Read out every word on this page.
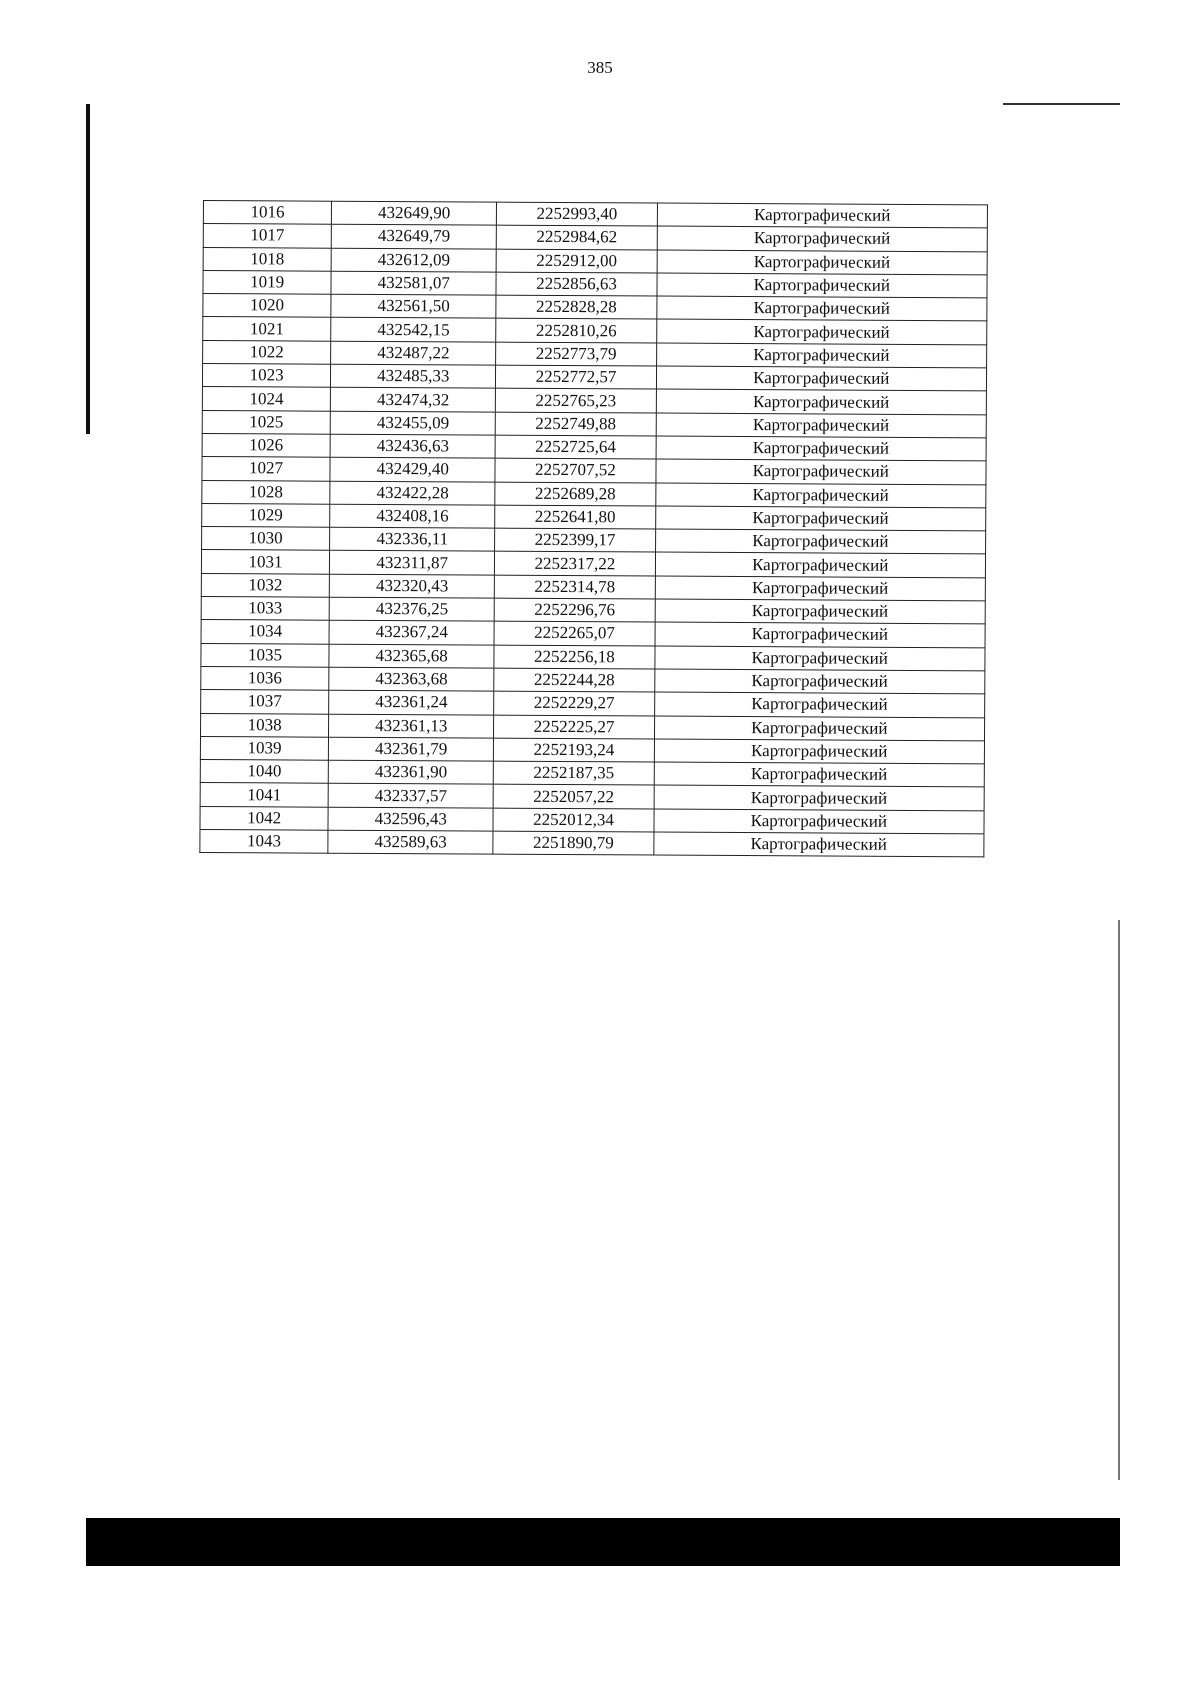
385
1016	432649,90	2252993,40	Картографический
1017	432649,79	2252984,62	Картографический
1018	432612,09	2252912,00	Картографический
1019	432581,07	2252856,63	Картографический
1020	432561,50	2252828,28	Картографический
1021	432542,15	2252810,26	Картографический
1022	432487,22	2252773,79	Картографический
1023	432485,33	2252772,57	Картографический
1024	432474,32	2252765,23	Картографический
1025	432455,09	2252749,88	Картографический
1026	432436,63	2252725,64	Картографический
1027	432429,40	2252707,52	Картографический
1028	432422,28	2252689,28	Картографический
1029	432408,16	2252641,80	Картографический
1030	432336,11	2252399,17	Картографический
1031	432311,87	2252317,22	Картографический
1032	432320,43	2252314,78	Картографический
1033	432376,25	2252296,76	Картографический
1034	432367,24	2252265,07	Картографический
1035	432365,68	2252256,18	Картографический
1036	432363,68	2252244,28	Картографический
1037	432361,24	2252229,27	Картографический
1038	432361,13	2252225,27	Картографический
1039	432361,79	2252193,24	Картографический
1040	432361,90	2252187,35	Картографический
1041	432337,57	2252057,22	Картографический
1042	432596,43	2252012,34	Картографический
1043	432589,63	2251890,79	Картографический
